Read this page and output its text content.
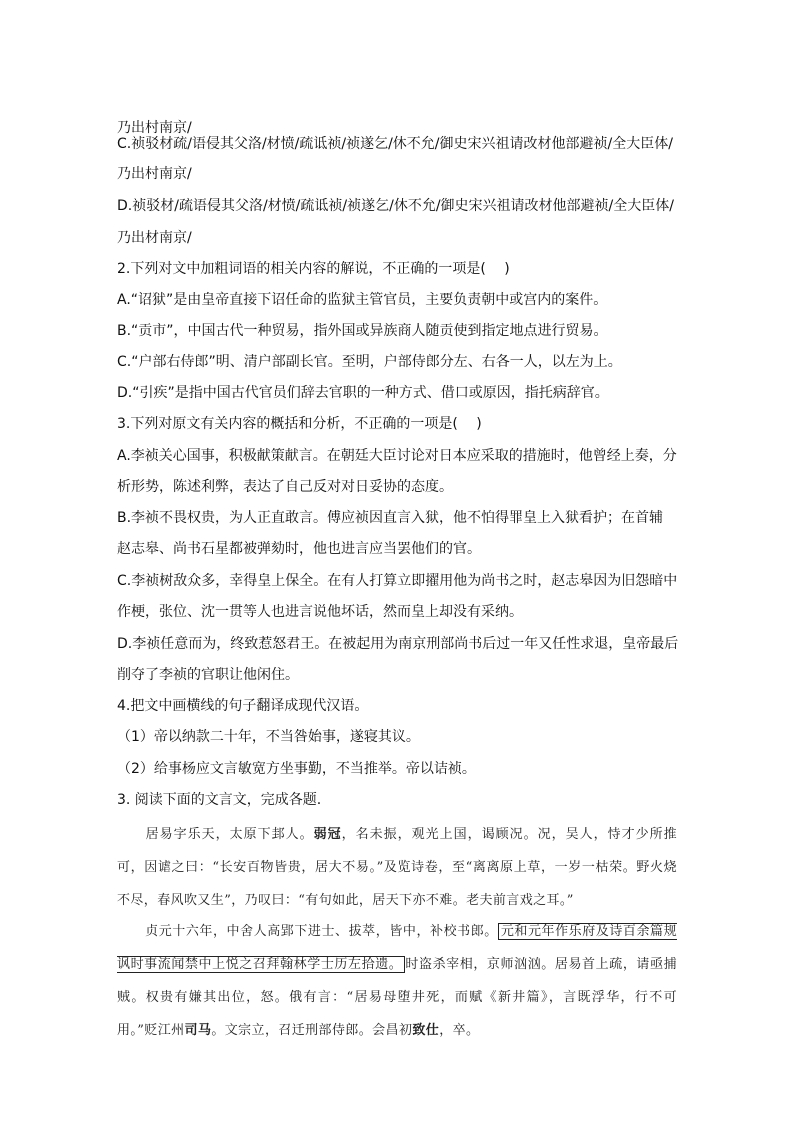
乃出村南京/

C.祯驳材疏/语侵其父洛/材愤/疏诋祯/祯遂乞/休不允/御史宋兴祖请改材他部避祯/全大臣体/

乃出村南京/

D.祯驳材/疏语侵其父洛/材愤/疏诋祯/祯遂乞/休不允/御史宋兴祖请改材他部避祯/全大臣体/

乃出材南京/

2.下列对文中加粗词语的相关内容的解说，不正确的一项是(　 )

A.“诏狱”是由皇帝直接下诏任命的监狱主管官员，主要负责朝中或宫内的案件。

B.“贡市”，中国古代一种贸易，指外国或异族商人随贡使到指定地点进行贸易。

C.“户部右侍郎”明、清户部副长官。至明，户部侍郎分左、右各一人，以左为上。

D.“引疾”是指中国古代官员们辞去官职的一种方式、借口或原因，指托病辞官。

3.下列对原文有关内容的概括和分析，不正确的一项是(　 )

A.李祯关心国事，积极献策献言。在朝廷大臣讨论对日本应采取的措施时，他曾经上奏，分

析形势，陈述利弊，表达了自己反对对日妥协的态度。

B.李祯不畏权贵，为人正直敢言。傅应祯因直言入狱，他不怕得罪皇上入狱看护；在首辅

赵志皋、尚书石星都被弹劾时，他也进言应当罢他们的官。

C.李祯树敌众多，幸得皇上保全。在有人打算立即擢用他为尚书之时，赵志皋因为旧怨暗中

作梗，张位、沈一贯等人也进言说他坏话，然而皇上却没有采纳。

D.李祯任意而为，终致惹怒君王。在被起用为南京刑部尚书后过一年又任性求退，皇帝最后

削夺了李祯的官职让他闲住。

4.把文中画横线的句子翻译成现代汉语。

（1）帝以纳款二十年，不当咎始事，遂寝其议。

（2）给事杨应文言敏宽方坐事勤，不当推举。帝以诘祯。

3. 阅读下面的文言文，完成各题.

居易字乐天，太原下邽人。弱冠，名未振，观光上国，谒顾况。况，吴人，恃才少所推可，因谑之曰：“长安百物皆贵，居大不易。”及览诗卷，至“离离原上草，一岁一枯荣。野火烧不尽，春风吹又生”，乃叹曰：“有句如此，居天下亦不难。老夫前言戏之耳。”

贞元十六年，中舍人高郢下进士、拔萃，皆中，补校书郎。 元和元年作乐府及诗百余篇规讽时事流闻禁中上悦之召拜翰林学士历左拾遗。 时盗杀宰相，京师汹汹。居易首上疏，请亟捕贼。权贵有嫌其出位，怒。俄有言：“居易母堕井死，而赋《新井篇》，言既浮华，行不可用。”贬江州司马。文宗立，召迁刑部侍郎。会昌初致仕，卒。
